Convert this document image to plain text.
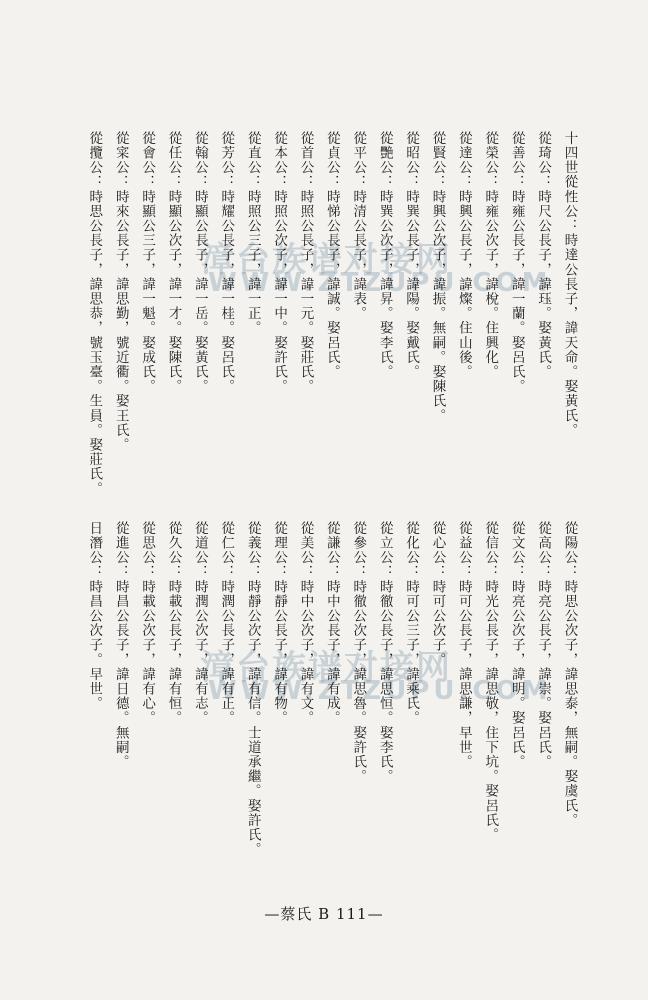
漳台族谱对接网
WWW.ZTZUPU.COM
漳台族谱对接网
WWW.ZTZUPU.COM
十四世從性公：時達公長子，諱天命。娶黃氏。
從琦公：時尺公長子，諱珏。娶黃氏。
從善公：時雍公長子，諱一蘭。娶呂氏。
從榮公：時雍公次子，諱梲。住興化。
從達公：時興公長子，諱燦。住山後。
從賢公：時興公次子，諱振。無嗣。娶陳氏。
從昭公：時巽公長子，諱陽。娶戴氏。
從艷公：時巽公次子，諱昇。娶李氏。
從平公：時清公長子，諱表。
從貞公：時悌公長子，諱誠。娶呂氏。
從首公：時照公長子，諱一元。娶莊氏。
從本公：時照公次子，諱一中。娶許氏。
從直公：時照公三子，諱一正。
從芳公：時耀公長子，諱一桂。娶呂氏。
從翰公：時顯公長子，諱一岳。娶黃氏。
從任公：時顯公次子，諱一才。娶陳氏。
從會公：時顯公三子，諱一魁。娶成氏。
從寀公：時來公長子，諱思勤，號近衢。娶王氏。
從攬公：時思公長子，諱思恭，號玉臺。生員。娶莊氏。
從陽公：時思公次子，諱思泰，無嗣。娶虞氏。
從高公：時亮公長子，諱崇。娶呂氏。
從文公：時亮公次子，諱明。娶呂氏。
從信公：時光公長子，諱思敬，住下坑。娶呂氏。
從益公：時可公長子，諱思謙，早世。
從心公：時可公次子。
從化公：時可公三子，諱乘氏。
從立公：時徹公長子，諱思恒。娶李氏。
從參公：時徹公次子，諱思魯。娶許氏。
從謙公：時中公長子，諱有成。
從美公：時中公次子，諱有文。
從理公：時靜公長子，諱有物。
從義公：時靜公次子，諱有信。士道承繼。娶許氏。
從仁公：時潤公長子，諱有正。
從道公：時潤公次子，諱有志。
從久公：時載公長子，諱有恒。
從思公：時載公次子，諱有心。
從進公：時昌公長子，諱日德。無嗣。
日潛公：時昌公次子。早世。
—蔡氏 B 111—
